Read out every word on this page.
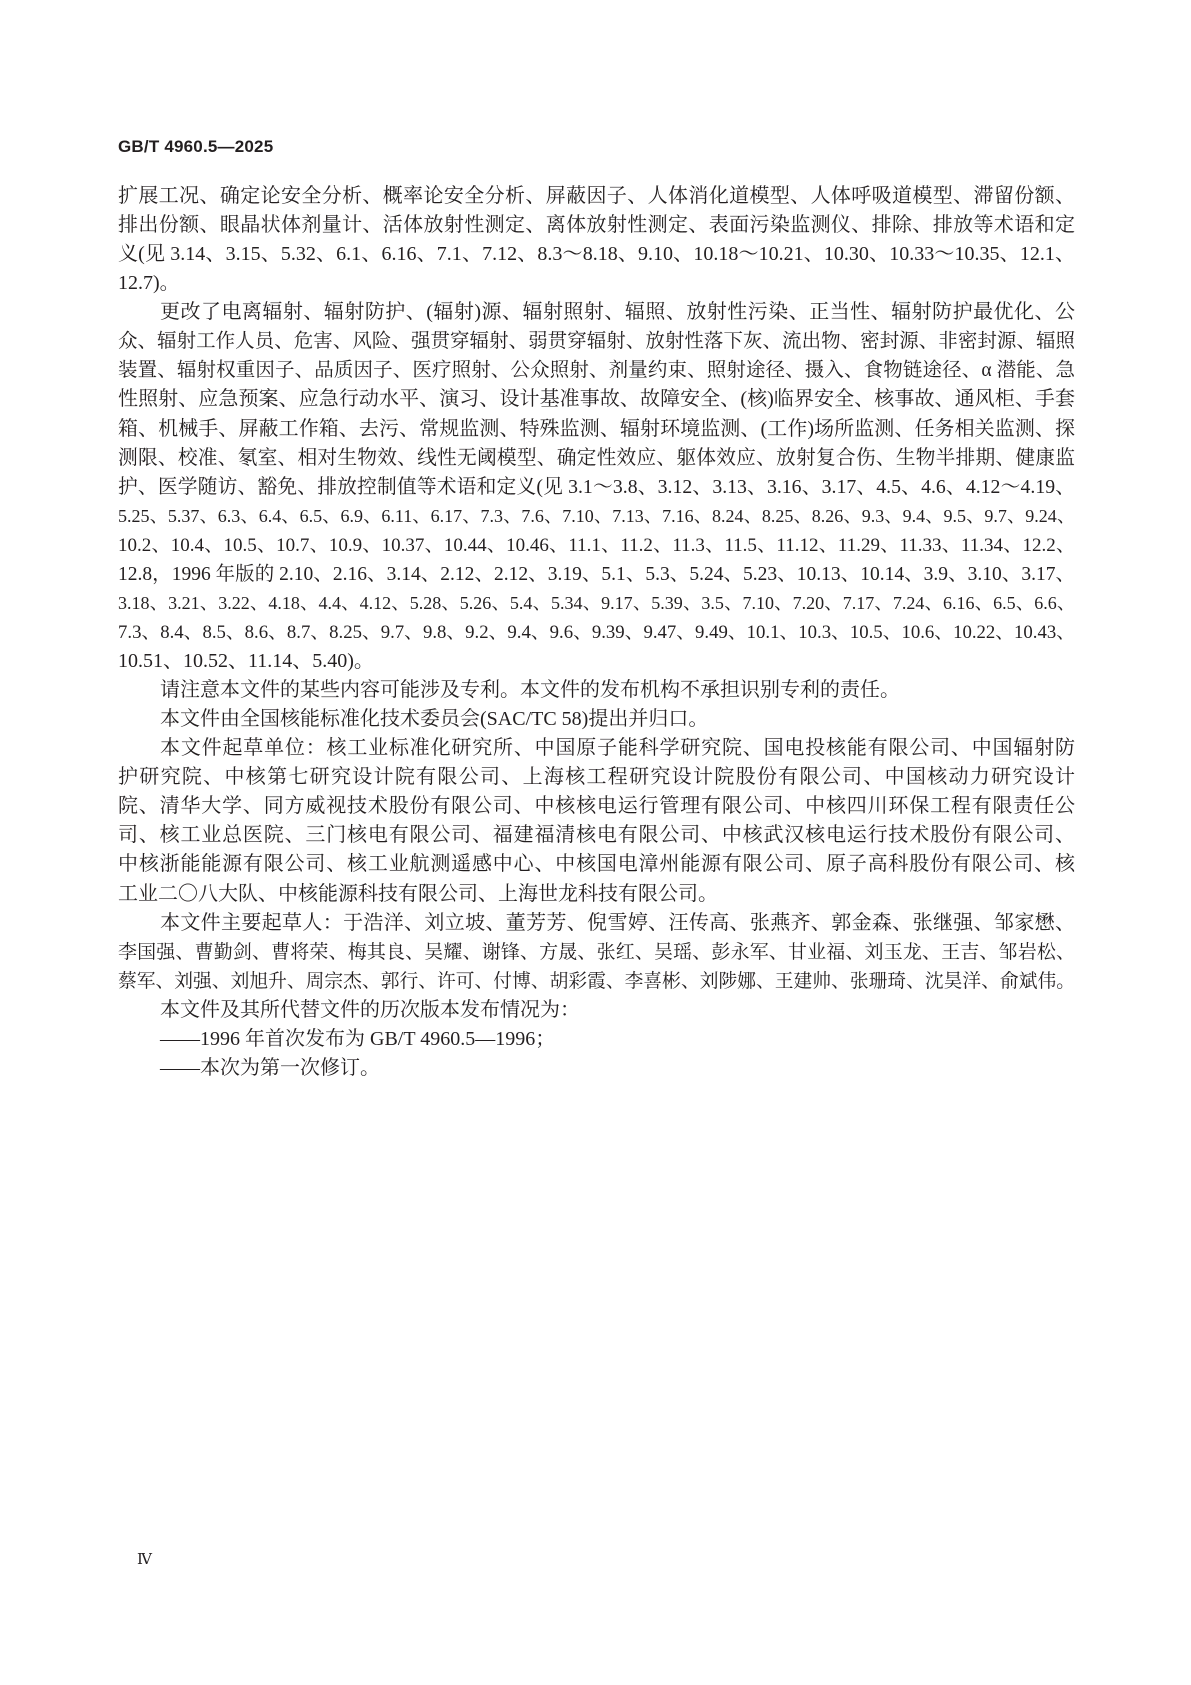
GB/T 4960.5—2025
扩展工况、确定论安全分析、概率论安全分析、屏蔽因子、人体消化道模型、人体呼吸道模型、滞留份额、
排出份额、眼晶状体剂量计、活体放射性测定、离体放射性测定、表面污染监测仪、排除、排放等术语和定
义(见 3.14、3.15、5.32、6.1、6.16、7.1、7.12、8.3～8.18、9.10、10.18～10.21、10.30、10.33～10.35、12.1、
12.7)。
更改了电离辐射、辐射防护、(辐射)源、辐射照射、辐照、放射性污染、正当性、辐射防护最优化、公
众、辐射工作人员、危害、风险、强贯穿辐射、弱贯穿辐射、放射性落下灰、流出物、密封源、非密封源、辐照
装置、辐射权重因子、品质因子、医疗照射、公众照射、剂量约束、照射途径、摄入、食物链途径、α 潜能、急
性照射、应急预案、应急行动水平、演习、设计基准事故、故障安全、(核)临界安全、核事故、通风柜、手套
箱、机械手、屏蔽工作箱、去污、常规监测、特殊监测、辐射环境监测、(工作)场所监测、任务相关监测、探
测限、校准、氡室、相对生物效、线性无阈模型、确定性效应、躯体效应、放射复合伤、生物半排期、健康监
护、医学随访、豁免、排放控制值等术语和定义(见 3.1～3.8、3.12、3.13、3.16、3.17、4.5、4.6、4.12～4.19、
5.25、5.37、6.3、6.4、6.5、6.9、6.11、6.17、7.3、7.6、7.10、7.13、7.16、8.24、8.25、8.26、9.3、9.4、9.5、9.7、9.24、
10.2、10.4、10.5、10.7、10.9、10.37、10.44、10.46、11.1、11.2、11.3、11.5、11.12、11.29、11.33、11.34、12.2、
12.8，1996 年版的 2.10、2.16、3.14、2.12、2.12、3.19、5.1、5.3、5.24、5.23、10.13、10.14、3.9、3.10、3.17、
3.18、3.21、3.22、4.18、4.4、4.12、5.28、5.26、5.4、5.34、9.17、5.39、3.5、7.10、7.20、7.17、7.24、6.16、6.5、6.6、
7.3、8.4、8.5、8.6、8.7、8.25、9.7、9.8、9.2、9.4、9.6、9.39、9.47、9.49、10.1、10.3、10.5、10.6、10.22、10.43、
10.51、10.52、11.14、5.40)。
请注意本文件的某些内容可能涉及专利。本文件的发布机构不承担识别专利的责任。
本文件由全国核能标准化技术委员会(SAC/TC 58)提出并归口。
本文件起草单位：核工业标准化研究所、中国原子能科学研究院、国电投核能有限公司、中国辐射防
护研究院、中核第七研究设计院有限公司、上海核工程研究设计院股份有限公司、中国核动力研究设计
院、清华大学、同方威视技术股份有限公司、中核核电运行管理有限公司、中核四川环保工程有限责任公
司、核工业总医院、三门核电有限公司、福建福清核电有限公司、中核武汉核电运行技术股份有限公司、
中核浙能能源有限公司、核工业航测遥感中心、中核国电漳州能源有限公司、原子高科股份有限公司、核
工业二〇八大队、中核能源科技有限公司、上海世龙科技有限公司。
本文件主要起草人：于浩洋、刘立坡、董芳芳、倪雪婷、汪传高、张燕齐、郭金森、张继强、邹家懋、
李国强、曹勤剑、曹将荣、梅其良、吴耀、谢锋、方晟、张红、吴瑶、彭永军、甘业福、刘玉龙、王吉、邹岩松、
蔡军、刘强、刘旭升、周宗杰、郭行、许可、付博、胡彩霞、李喜彬、刘陟娜、王建帅、张珊琦、沈昊洋、俞斌伟。
本文件及其所代替文件的历次版本发布情况为：
——1996 年首次发布为 GB/T 4960.5—1996；
——本次为第一次修订。
Ⅳ
